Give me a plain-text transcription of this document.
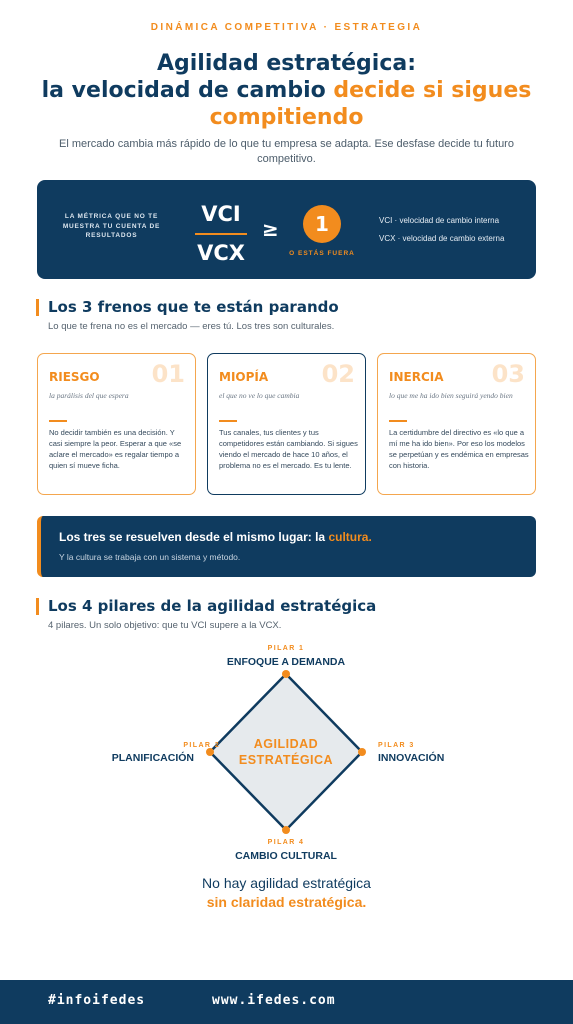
DINÁMICA COMPETITIVA · ESTRATEGIA
Agilidad estratégica:
la velocidad de cambio decide si sigues
compitiendo
El mercado cambia más rápido de lo que tu empresa se adapta. Ese desfase decide tu futuro competitivo.
LA MÉTRICA QUE NO TE MUESTRA TU CUENTA DE RESULTADOS
VCI
VCX
≥	1
O ESTÁS FUERA
VCI · velocidad de cambio interna
VCX · velocidad de cambio externa
Los 3 frenos que te están parando
Lo que te frena no es el mercado — eres tú. Los tres son culturales.
01
RIESGO
la parálisis del que espera
No decidir también es una decisión. Y casi siempre la peor. Esperar a que «se aclare el mercado» es regalar tiempo a quien sí mueve ficha.
02
MIOPÍA
el que no ve lo que cambia
Tus canales, tus clientes y tus competidores están cambiando. Si sigues viendo el mercado de hace 10 años, el problema no es el mercado. Es tu lente.
03
INERCIA
lo que me ha ido bien seguirá yendo bien
La certidumbre del directivo es «lo que a mí me ha ido bien». Por eso los modelos se perpetúan y es endémica en empresas con historia.
Los tres se resuelven desde el mismo lugar: la cultura.
Y la cultura se trabaja con un sistema y método.
Los 4 pilares de la agilidad estratégica
4 pilares. Un solo objetivo: que tu VCI supere a la VCX.
AGILIDAD
ESTRATÉGICA
PILAR 1
ENFOQUE A DEMANDA
PILAR 2
PLANIFICACIÓN
PILAR 3
INNOVACIÓN
PILAR 4
CAMBIO CULTURAL
No hay agilidad estratégica
sin claridad estratégica.
#infoifedes	www.ifedes.com
